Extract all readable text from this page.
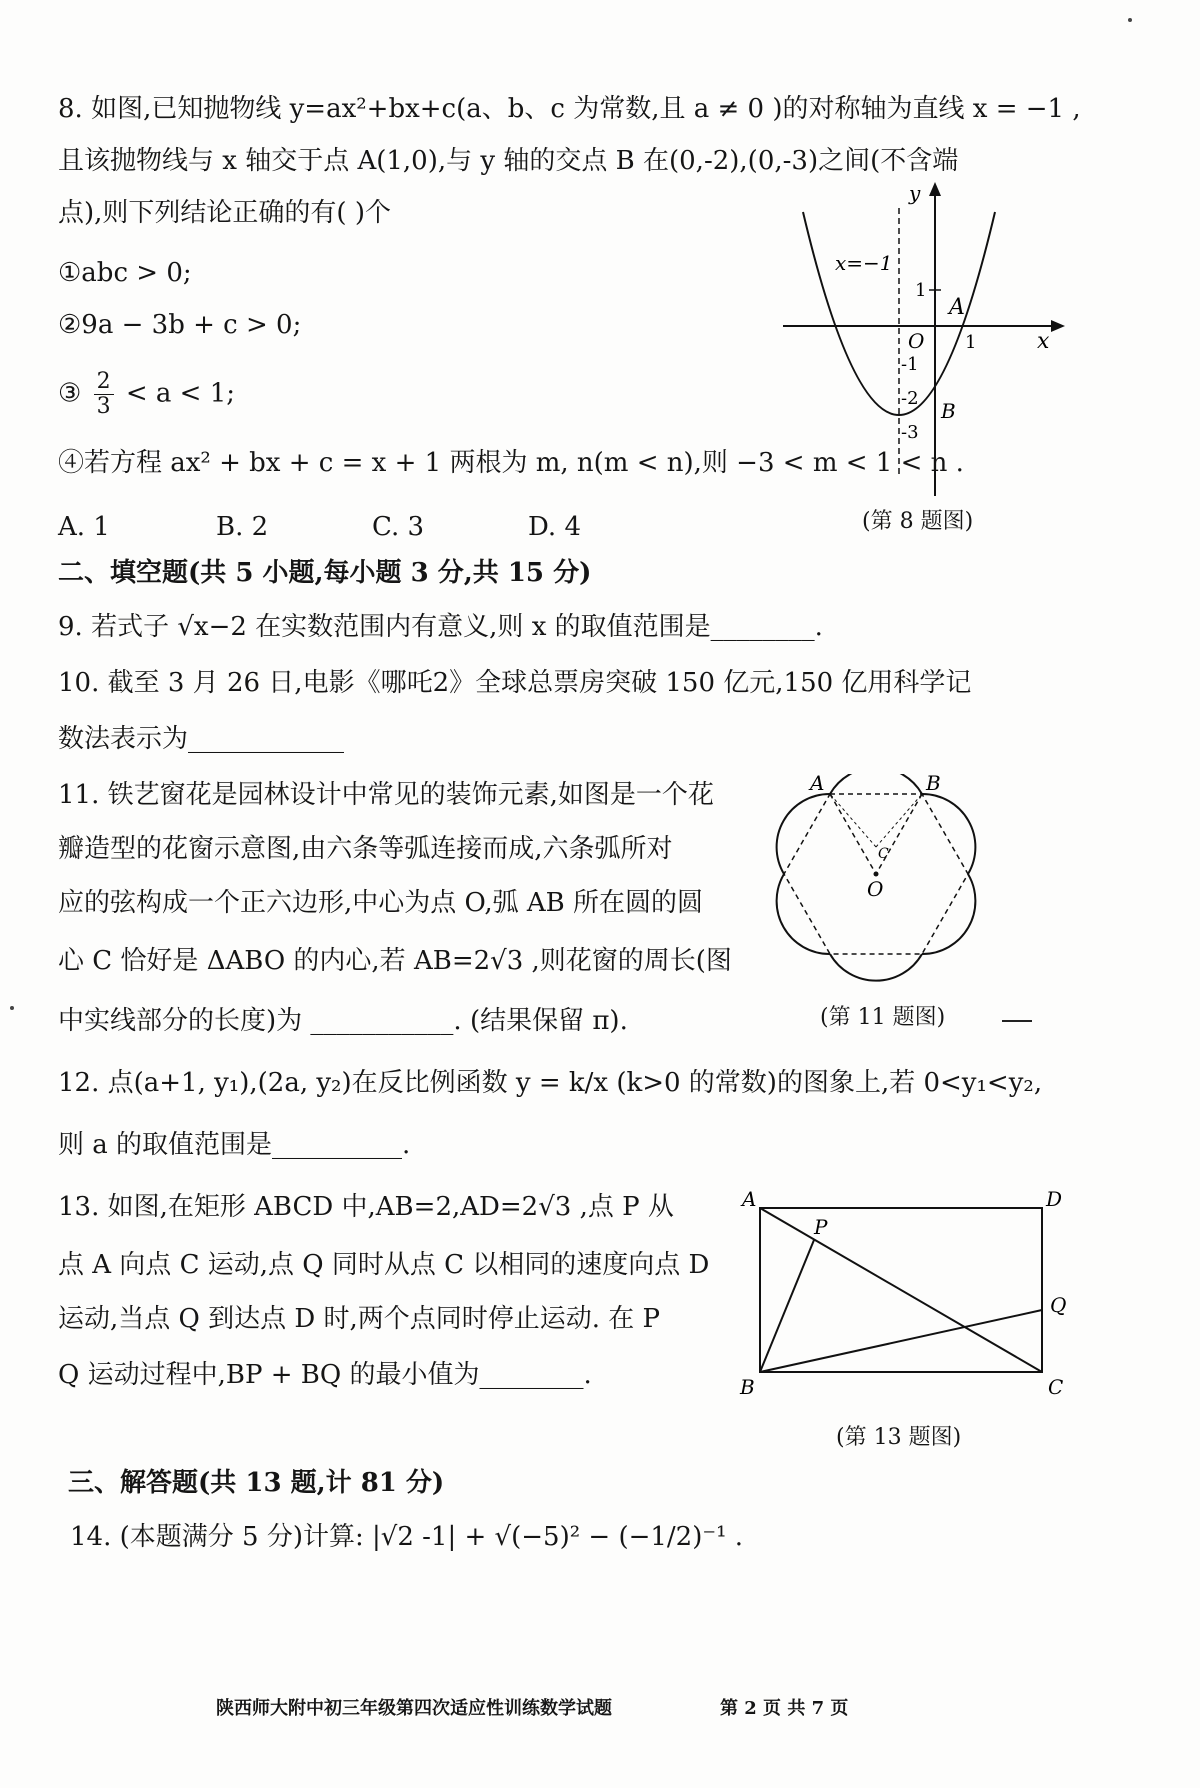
8. 如图,已知抛物线 y=ax²+bx+c(a、b、c 为常数,且 a ≠ 0 )的对称轴为直线 x = −1 ,
且该抛物线与 x 轴交于点 A(1,0),与 y 轴的交点 B 在(0,-2),(0,-3)之间(不含端
点),则下列结论正确的有( )个
①abc > 0;
②9a − 3b + c > 0;
③ $\frac{2}{3} < a < 1$;
④若方程 ax² + bx + c = x + 1 两根为 m, n(m < n),则 −3 < m < 1 < n .
A. 1	B. 2	C. 3	D. 4
y
x
O
A
B
1
1
-1
-2
-3
x=−1
(第 8 题图)
二、填空题(共 5 小题,每小题 3 分,共 15 分)
9. 若式子 √x−2 在实数范围内有意义,则 x 的取值范围是________.
10. 截至 3 月 26 日,电影《哪吒2》全球总票房突破 150 亿元,150 亿用科学记
数法表示为____________
11. 铁艺窗花是园林设计中常见的装饰元素,如图是一个花
瓣造型的花窗示意图,由六条等弧连接而成,六条弧所对
应的弦构成一个正六边形,中心为点 O,弧 AB 所在圆的圆
心 C 恰好是 ΔABO 的内心,若 AB=2√3 ,则花窗的周长(图
中实线部分的长度)为 ___________. (结果保留 π).
A	B
O
C
(第 11 题图)
12. 点(a+1, y₁),(2a, y₂)在反比例函数 y = k/x (k>0 的常数)的图象上,若 0<y₁<y₂,
则 a 的取值范围是__________.
13. 如图,在矩形 ABCD 中,AB=2,AD=2√3 ,点 P 从
点 A 向点 C 运动,点 Q 同时从点 C 以相同的速度向点 D
运动,当点 Q 到达点 D 时,两个点同时停止运动. 在 P
Q 运动过程中,BP + BQ 的最小值为________.
A	D
B	C
P
Q
(第 13 题图)
三、解答题(共 13 题,计 81 分)
14. (本题满分 5 分)计算: |√2 -1| + √(−5)² − (−1/2)⁻¹ .
陕西师大附中初三年级第四次适应性训练数学试题	第 2 页 共 7 页
